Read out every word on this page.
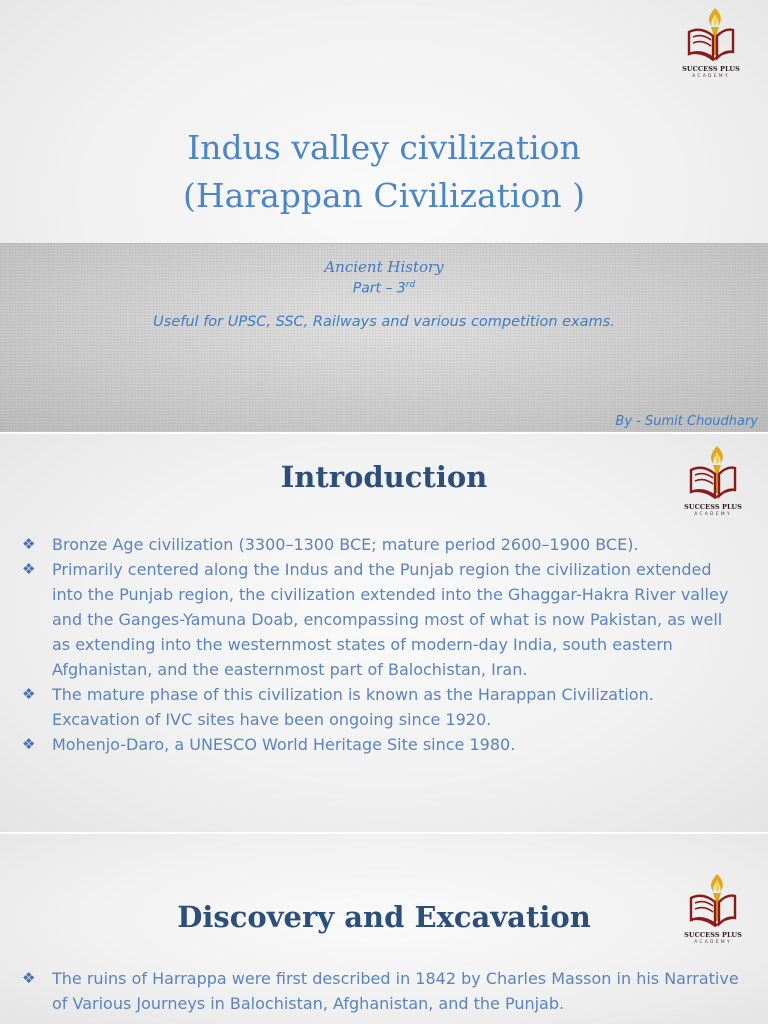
SUCCESS PLUS
ACADEMY
Indus valley civilization
(Harappan Civilization )
Ancient History
Part – 3rd
Useful for UPSC, SSC, Railways and various competition exams.
By - Sumit Choudhary
SUCCESS PLUS
ACADEMY
Introduction
❖ Bronze Age civilization (3300–1300 BCE; mature period 2600–1900 BCE).
❖ Primarily centered along the Indus and the Punjab region the civilization extended into the Punjab region, the civilization extended into the Ghaggar-Hakra River valley and the Ganges-Yamuna Doab, encompassing most of what is now Pakistan, as well as extending into the westernmost states of modern-day India, south eastern Afghanistan, and the easternmost part of Balochistan, Iran.
❖ The mature phase of this civilization is known as the Harappan Civilization. Excavation of IVC sites have been ongoing since 1920.
❖ Mohenjo-Daro, a UNESCO World Heritage Site since 1980.
SUCCESS PLUS
ACADEMY
Discovery and Excavation
❖ The ruins of Harrappa were first described in 1842 by Charles Masson in his Narrative of Various Journeys in Balochistan, Afghanistan, and the Punjab.
